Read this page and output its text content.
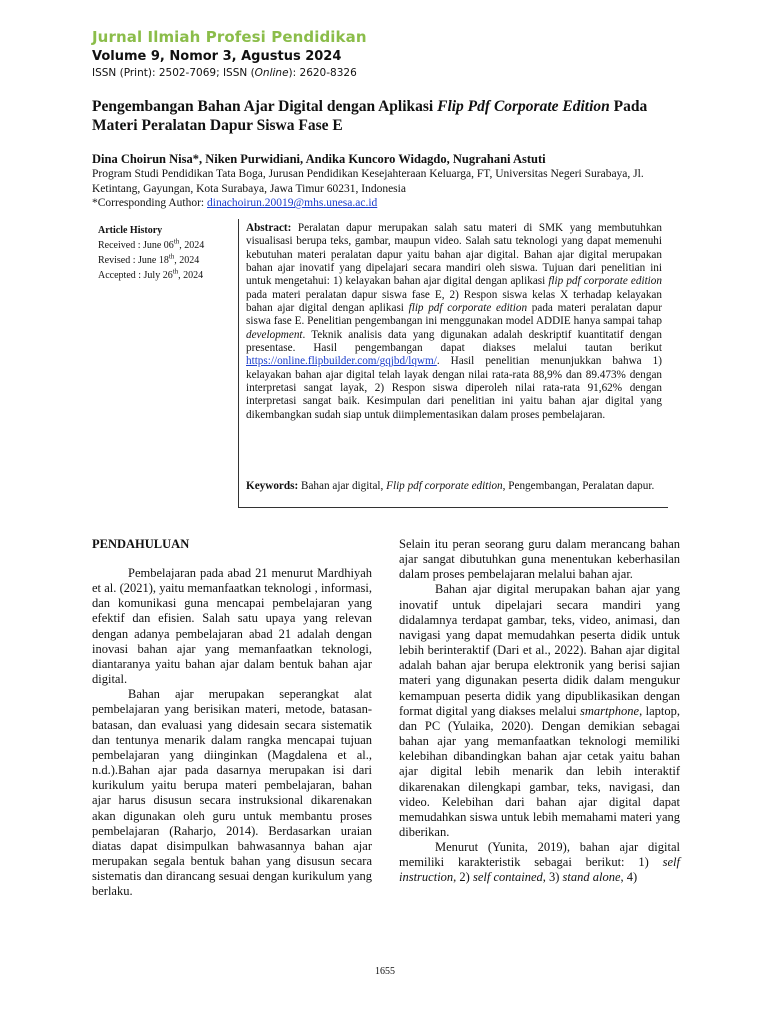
Jurnal Ilmiah Profesi Pendidikan
Volume 9, Nomor 3, Agustus 2024
ISSN (Print): 2502-7069; ISSN (Online): 2620-8326
Pengembangan Bahan Ajar Digital dengan Aplikasi Flip Pdf Corporate Edition Pada Materi Peralatan Dapur Siswa Fase E
Dina Choirun Nisa*, Niken Purwidiani, Andika Kuncoro Widagdo, Nugrahani Astuti
Program Studi Pendidikan Tata Boga, Jurusan Pendidikan Kesejahteraan Keluarga, FT, Universitas Negeri Surabaya, Jl. Ketintang, Gayungan, Kota Surabaya, Jawa Timur 60231, Indonesia
*Corresponding Author: dinachoirun.20019@mhs.unesa.ac.id
Article History
Received : June 06th, 2024
Revised : June 18th, 2024
Accepted : July 26th, 2024
Abstract: Peralatan dapur merupakan salah satu materi di SMK yang membutuhkan visualisasi berupa teks, gambar, maupun video. Salah satu teknologi yang dapat memenuhi kebutuhan materi peralatan dapur yaitu bahan ajar digital. Bahan ajar digital merupakan bahan ajar inovatif yang dipelajari secara mandiri oleh siswa. Tujuan dari penelitian ini untuk mengetahui: 1) kelayakan bahan ajar digital dengan aplikasi flip pdf corporate edition pada materi peralatan dapur siswa fase E, 2) Respon siswa kelas X terhadap kelayakan bahan ajar digital dengan aplikasi flip pdf corporate edition pada materi peralatan dapur siswa fase E. Penelitian pengembangan ini menggunakan model ADDIE hanya sampai tahap development. Teknik analisis data yang digunakan adalah deskriptif kuantitatif dengan presentase. Hasil pengembangan dapat diakses melalui tautan berikut https://online.flipbuilder.com/gqjbd/lqwm/. Hasil penelitian menunjukkan bahwa 1) kelayakan bahan ajar digital telah layak dengan nilai rata-rata 88,9% dan 89.473% dengan interpretasi sangat layak, 2) Respon siswa diperoleh nilai rata-rata 91,62% dengan interpretasi sangat baik. Kesimpulan dari penelitian ini yaitu bahan ajar digital yang dikembangkan sudah siap untuk diimplementasikan dalam proses pembelajaran.
Keywords: Bahan ajar digital, Flip pdf corporate edition, Pengembangan, Peralatan dapur.

PENDAHULUAN

Pembelajaran pada abad 21 menurut Mardhiyah et al. (2021), yaitu memanfaatkan teknologi , informasi, dan komunikasi guna mencapai pembelajaran yang efektif dan efisien. Salah satu upaya yang relevan dengan adanya pembelajaran abad 21 adalah dengan inovasi bahan ajar yang memanfaatkan teknologi, diantaranya yaitu bahan ajar dalam bentuk bahan ajar digital.

Bahan ajar merupakan seperangkat alat pembelajaran yang berisikan materi, metode, batasan-batasan, dan evaluasi yang didesain secara sistematik dan tentunya menarik dalam rangka mencapai tujuan pembelajaran yang diinginkan (Magdalena et al., n.d.).Bahan ajar pada dasarnya merupakan isi dari kurikulum yaitu berupa materi pembelajaran, bahan ajar harus disusun secara instruksional dikarenakan akan digunakan oleh guru untuk membantu proses pembelajaran (Raharjo, 2014). Berdasarkan uraian diatas dapat disimpulkan bahwasannya bahan ajar merupakan segala bentuk bahan yang disusun secara sistematis dan dirancang sesuai dengan kurikulum yang berlaku.

Selain itu peran seorang guru dalam merancang bahan ajar sangat dibutuhkan guna menentukan keberhasilan dalam proses pembelajaran melalui bahan ajar.

Bahan ajar digital merupakan bahan ajar yang inovatif untuk dipelajari secara mandiri yang didalamnya terdapat gambar, teks, video, animasi, dan navigasi yang dapat memudahkan peserta didik untuk lebih berinteraktif (Dari et al., 2022). Bahan ajar digital adalah bahan ajar berupa elektronik yang berisi sajian materi yang digunakan peserta didik dalam mengukur kemampuan peserta didik yang dipublikasikan dengan format digital yang diakses melalui smartphone, laptop, dan PC (Yulaika, 2020). Dengan demikian sebagai bahan ajar yang memanfaatkan teknologi memiliki kelebihan dibandingkan bahan ajar cetak yaitu bahan ajar digital lebih menarik dan lebih interaktif dikarenakan dilengkapi gambar, teks, navigasi, dan video. Kelebihan dari bahan ajar digital dapat memudahkan siswa untuk lebih memahami materi yang diberikan.

Menurut (Yunita, 2019), bahan ajar digital memiliki karakteristik sebagai berikut: 1) self instruction, 2) self contained, 3) stand alone, 4)

1655
